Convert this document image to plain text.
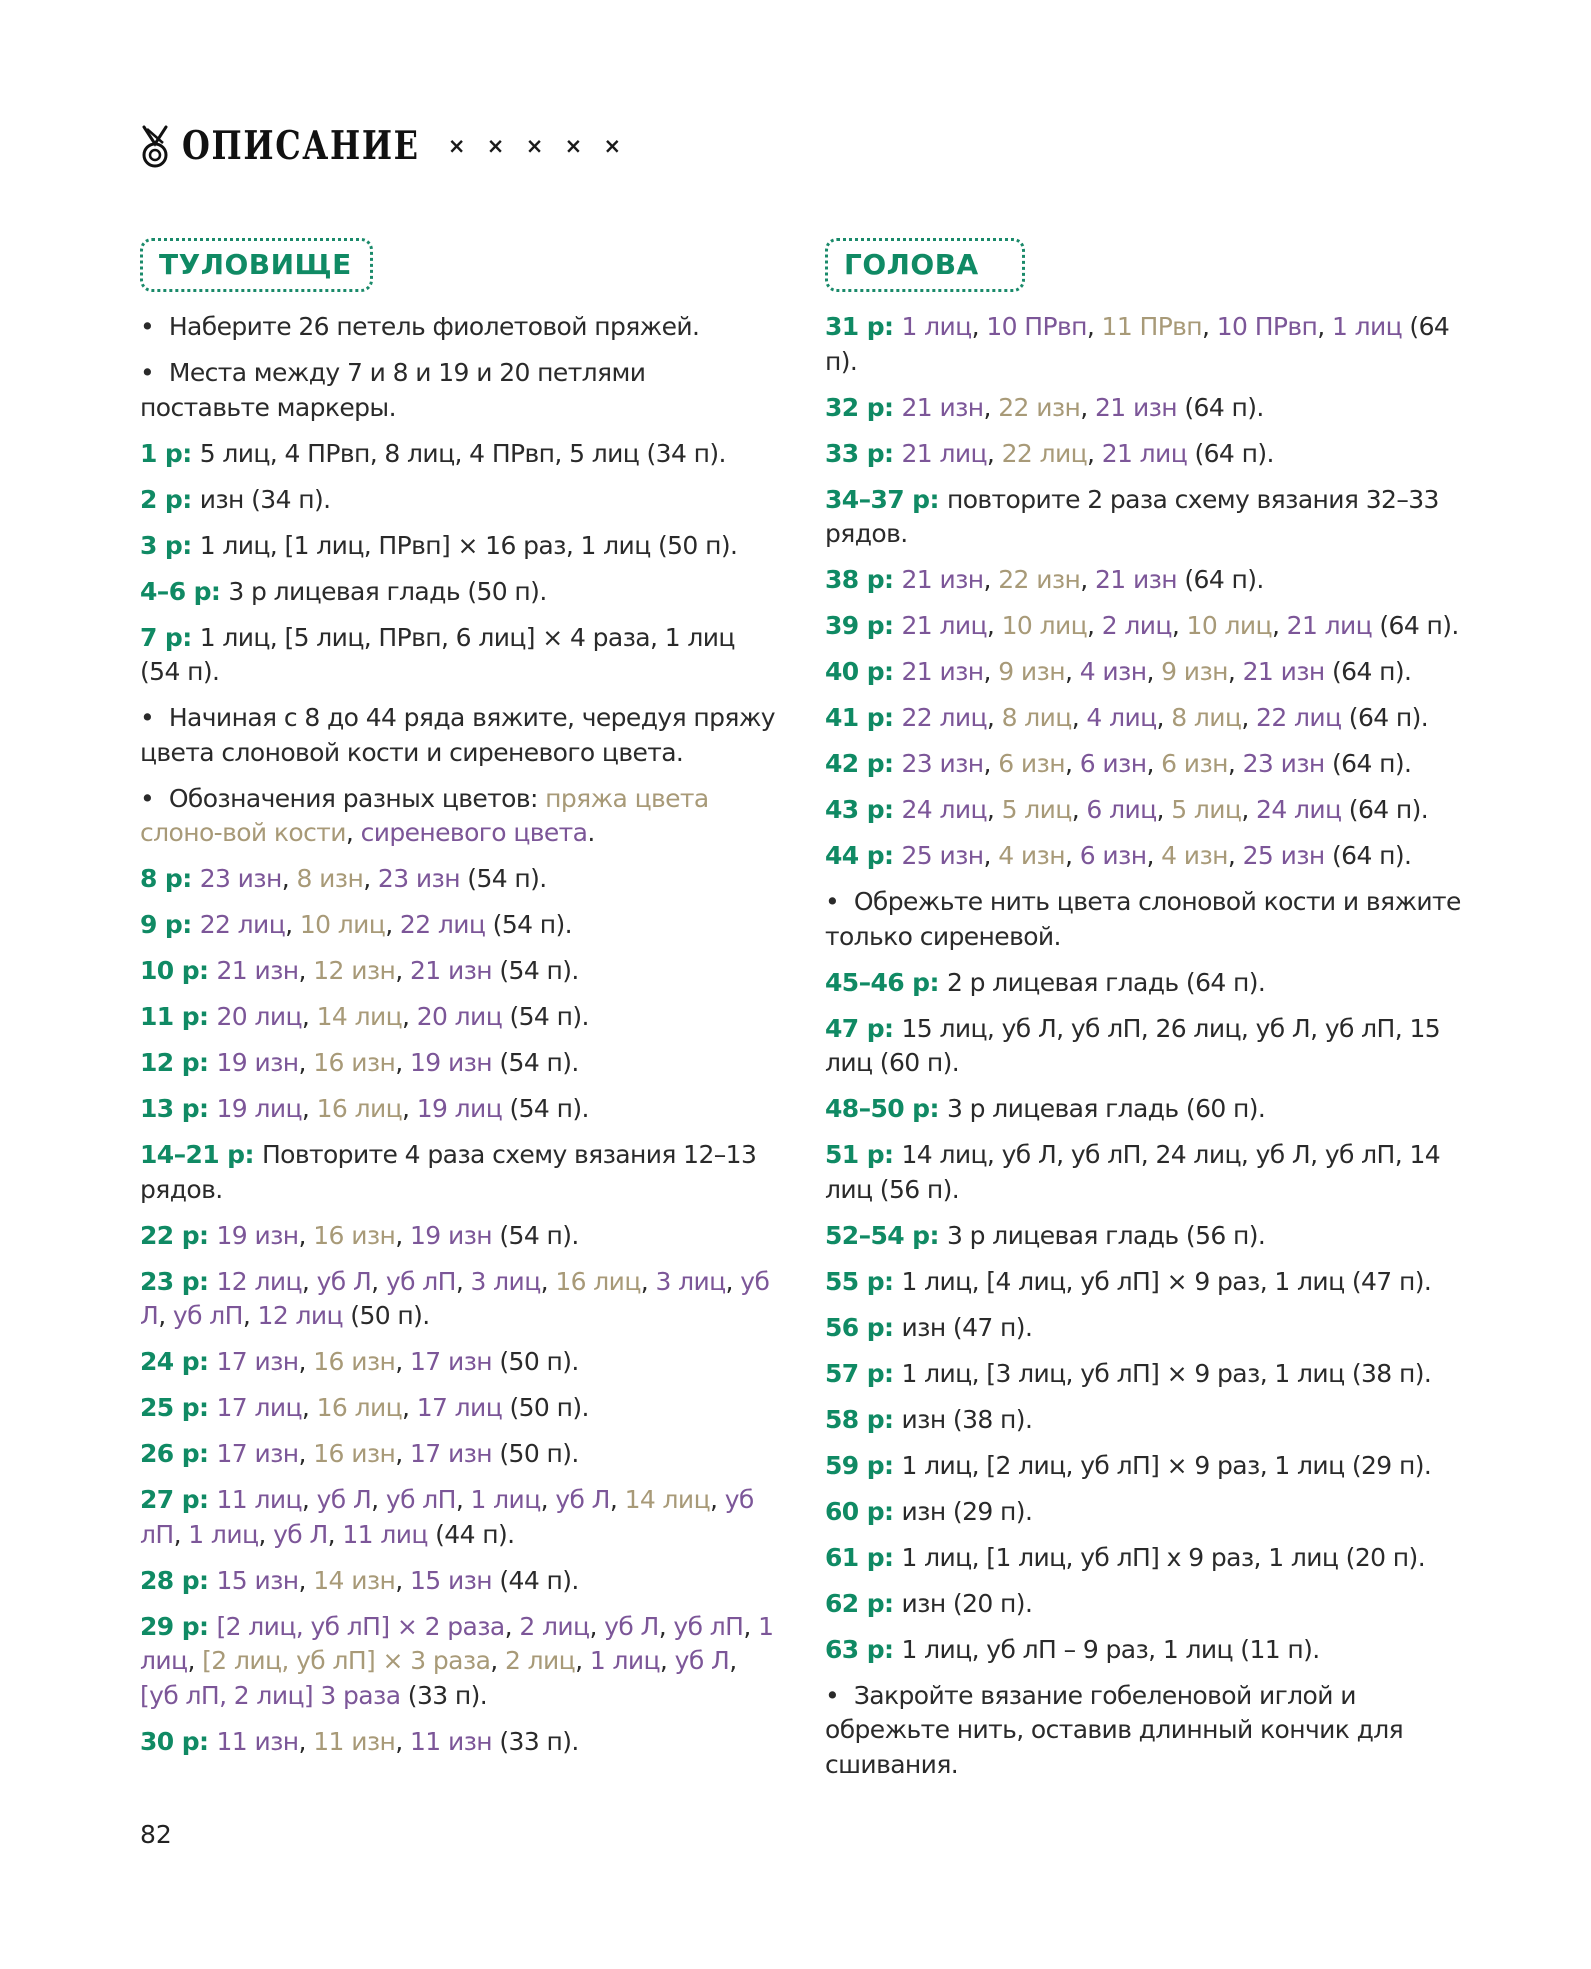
ОПИСАНИЕ × × × × ×
ТУЛОВИЩЕ
•  Наберите 26 петель фиолетовой пряжей.
•  Места между 7 и 8 и 19 и 20 петлями поставьте маркеры.
1 р: 5 лиц, 4 ПРвп, 8 лиц, 4 ПРвп, 5 лиц (34 п).
2 р: изн (34 п).
3 р: 1 лиц, [1 лиц, ПРвп] × 16 раз, 1 лиц (50 п).
4–6 р: 3 р лицевая гладь (50 п).
7 р: 1 лиц, [5 лиц, ПРвп, 6 лиц] × 4 раза, 1 лиц (54 п).
•  Начиная с 8 до 44 ряда вяжите, чередуя пряжу цвета слоновой кости и сиреневого цвета.
•  Обозначения разных цветов: пряжа цвета слоно-вой кости, сиреневого цвета.
8 р: 23 изн, 8 изн, 23 изн (54 п).
9 р: 22 лиц, 10 лиц, 22 лиц (54 п).
10 р: 21 изн, 12 изн, 21 изн (54 п).
11 р: 20 лиц, 14 лиц, 20 лиц (54 п).
12 р: 19 изн, 16 изн, 19 изн (54 п).
13 р: 19 лиц, 16 лиц, 19 лиц (54 п).
14–21 р: Повторите 4 раза схему вязания 12–13 рядов.
22 р: 19 изн, 16 изн, 19 изн (54 п).
23 р: 12 лиц, уб Л, уб лП, 3 лиц, 16 лиц, 3 лиц, уб Л, уб лП, 12 лиц (50 п).
24 р: 17 изн, 16 изн, 17 изн (50 п).
25 р: 17 лиц, 16 лиц, 17 лиц (50 п).
26 р: 17 изн, 16 изн, 17 изн (50 п).
27 р: 11 лиц, уб Л, уб лП, 1 лиц, уб Л, 14 лиц, уб лП, 1 лиц, уб Л, 11 лиц (44 п).
28 р: 15 изн, 14 изн, 15 изн (44 п).
29 р: [2 лиц, уб лП] × 2 раза, 2 лиц, уб Л, уб лП, 1 лиц, [2 лиц, уб лП] × 3 раза, 2 лиц, 1 лиц, уб Л, [уб лП, 2 лиц] 3 раза (33 п).
30 р: 11 изн, 11 изн, 11 изн (33 п).
ГОЛОВА
31 р: 1 лиц, 10 ПРвп, 11 ПРвп, 10 ПРвп, 1 лиц (64 п).
32 р: 21 изн, 22 изн, 21 изн (64 п).
33 р: 21 лиц, 22 лиц, 21 лиц (64 п).
34–37 р: повторите 2 раза схему вязания 32–33 рядов.
38 р: 21 изн, 22 изн, 21 изн (64 п).
39 р: 21 лиц, 10 лиц, 2 лиц, 10 лиц, 21 лиц (64 п).
40 р: 21 изн, 9 изн, 4 изн, 9 изн, 21 изн (64 п).
41 р: 22 лиц, 8 лиц, 4 лиц, 8 лиц, 22 лиц (64 п).
42 р: 23 изн, 6 изн, 6 изн, 6 изн, 23 изн (64 п).
43 р: 24 лиц, 5 лиц, 6 лиц, 5 лиц, 24 лиц (64 п).
44 р: 25 изн, 4 изн, 6 изн, 4 изн, 25 изн (64 п).
•  Обрежьте нить цвета слоновой кости и вяжите только сиреневой.
45–46 р: 2 р лицевая гладь (64 п).
47 р: 15 лиц, уб Л, уб лП, 26 лиц, уб Л, уб лП, 15 лиц (60 п).
48–50 р: 3 р лицевая гладь (60 п).
51 р: 14 лиц, уб Л, уб лП, 24 лиц, уб Л, уб лП, 14 лиц (56 п).
52–54 р: 3 р лицевая гладь (56 п).
55 р: 1 лиц, [4 лиц, уб лП] × 9 раз, 1 лиц (47 п).
56 р: изн (47 п).
57 р: 1 лиц, [3 лиц, уб лП] × 9 раз, 1 лиц (38 п).
58 р: изн (38 п).
59 р: 1 лиц, [2 лиц, уб лП] × 9 раз, 1 лиц (29 п).
60 р: изн (29 п).
61 р: 1 лиц, [1 лиц, уб лП] х 9 раз, 1 лиц (20 п).
62 р: изн (20 п).
63 р: 1 лиц, уб лП – 9 раз, 1 лиц (11 п).
•  Закройте вязание гобеленовой иглой и обрежьте нить, оставив длинный кончик для сшивания.
82
